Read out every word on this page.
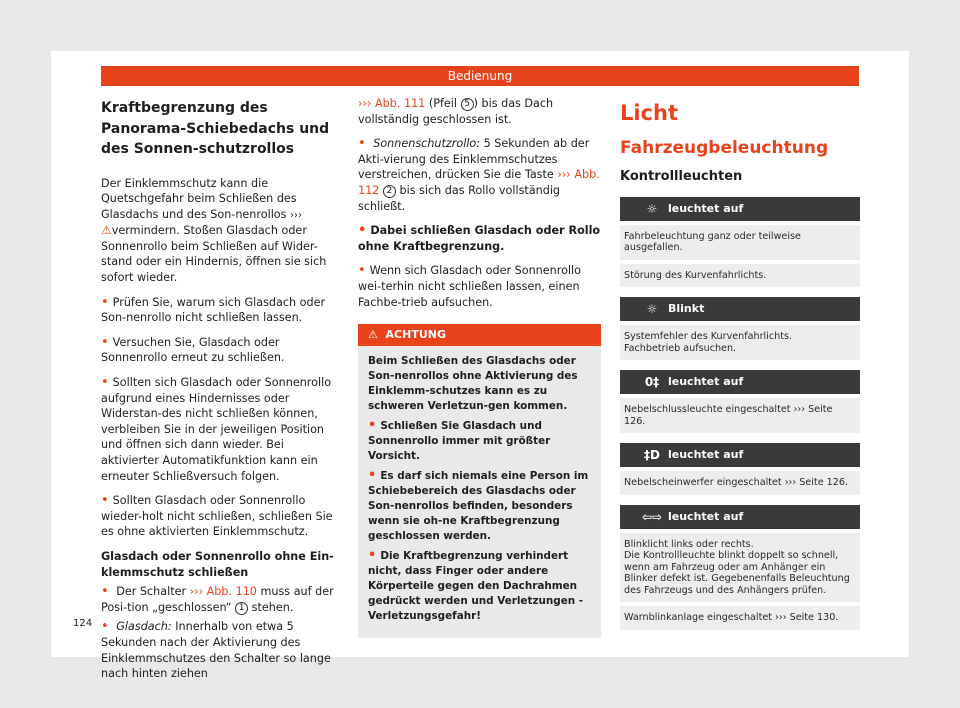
Bedienung
Kraftbegrenzung des Panorama-Schiebedachs und des Sonnen-schutzrollos

Der Einklemmschutz kann die Quetschgefahr beim Schließen des Glasdachs und des Son-nenrollos ››› ⚠vermindern. Stoßen Glasdach oder Sonnenrollo beim Schließen auf Wider-stand oder ein Hindernis, öffnen sie sich sofort wieder.

• Prüfen Sie, warum sich Glasdach oder Son-nenrollo nicht schließen lassen.

• Versuchen Sie, Glasdach oder Sonnenrollo erneut zu schließen.

• Sollten sich Glasdach oder Sonnenrollo aufgrund eines Hindernisses oder Widerstan-des nicht schließen können, verbleiben Sie in der jeweiligen Position und öffnen sich dann wieder. Bei aktivierter Automatikfunktion kann ein erneuter Schließversuch folgen.

• Sollten Glasdach oder Sonnenrollo wieder-holt nicht schließen, schließen Sie es ohne aktivierten Einklemmschutz.

Glasdach oder Sonnenrollo ohne Ein-klemmschutz schließen

• Der Schalter ››› Abb. 110 muss auf der Posi-tion „geschlossen“ 1 stehen.

• Glasdach: Innerhalb von etwa 5 Sekunden nach der Aktivierung des Einklemmschutzes den Schalter so lange nach hinten ziehen

››› Abb. 111 (Pfeil 5 ) bis das Dach vollständig geschlossen ist.

• Sonnenschutzrollo: 5 Sekunden ab der Akti-vierung des Einklemmschutzes verstreichen, drücken Sie die Taste ››› Abb. 112 2 bis sich das Rollo vollständig schließt.

• Dabei schließen Glasdach oder Rollo ohne Kraftbegrenzung.

• Wenn sich Glasdach oder Sonnenrollo wei-terhin nicht schließen lassen, einen Fachbe-trieb aufsuchen.

⚠ ACHTUNG

Beim Schließen des Glasdachs oder Son-nenrollos ohne Aktivierung des Einklemm-schutzes kann es zu schweren Verletzun-gen kommen.

• Schließen Sie Glasdach und Sonnenrollo immer mit größter Vorsicht.

• Es darf sich niemals eine Person im Schiebebereich des Glasdachs oder Son-nenrollos befinden, besonders wenn sie oh-ne Kraftbegrenzung geschlossen werden.

• Die Kraftbegrenzung verhindert nicht, dass Finger oder andere Körperteile gegen den Dachrahmen gedrückt werden und Verletzungen - Verletzungsgefahr!

Licht
Fahrzeugbeleuchtung
Kontrollleuchten
☼ leuchtet auf
Fahrbeleuchtung ganz oder teilweise ausgefallen.
Störung des Kurvenfahrlichts.
☼ Blinkt
Systemfehler des Kurvenfahrlichts.
Fachbetrieb aufsuchen.
0‡ leuchtet auf
Nebelschlussleuchte eingeschaltet ››› Seite 126.
‡D leuchtet auf
Nebelscheinwerfer eingeschaltet ››› Seite 126.
⇦⇨ leuchtet auf
Blinklicht links oder rechts.
Die Kontrollleuchte blinkt doppelt so schnell, wenn am Fahrzeug oder am Anhänger ein Blinker defekt ist. Gegebenenfalls Beleuchtung des Fahrzeugs und des Anhängers prüfen.
Warnblinkanlage eingeschaltet ››› Seite 130.
124
